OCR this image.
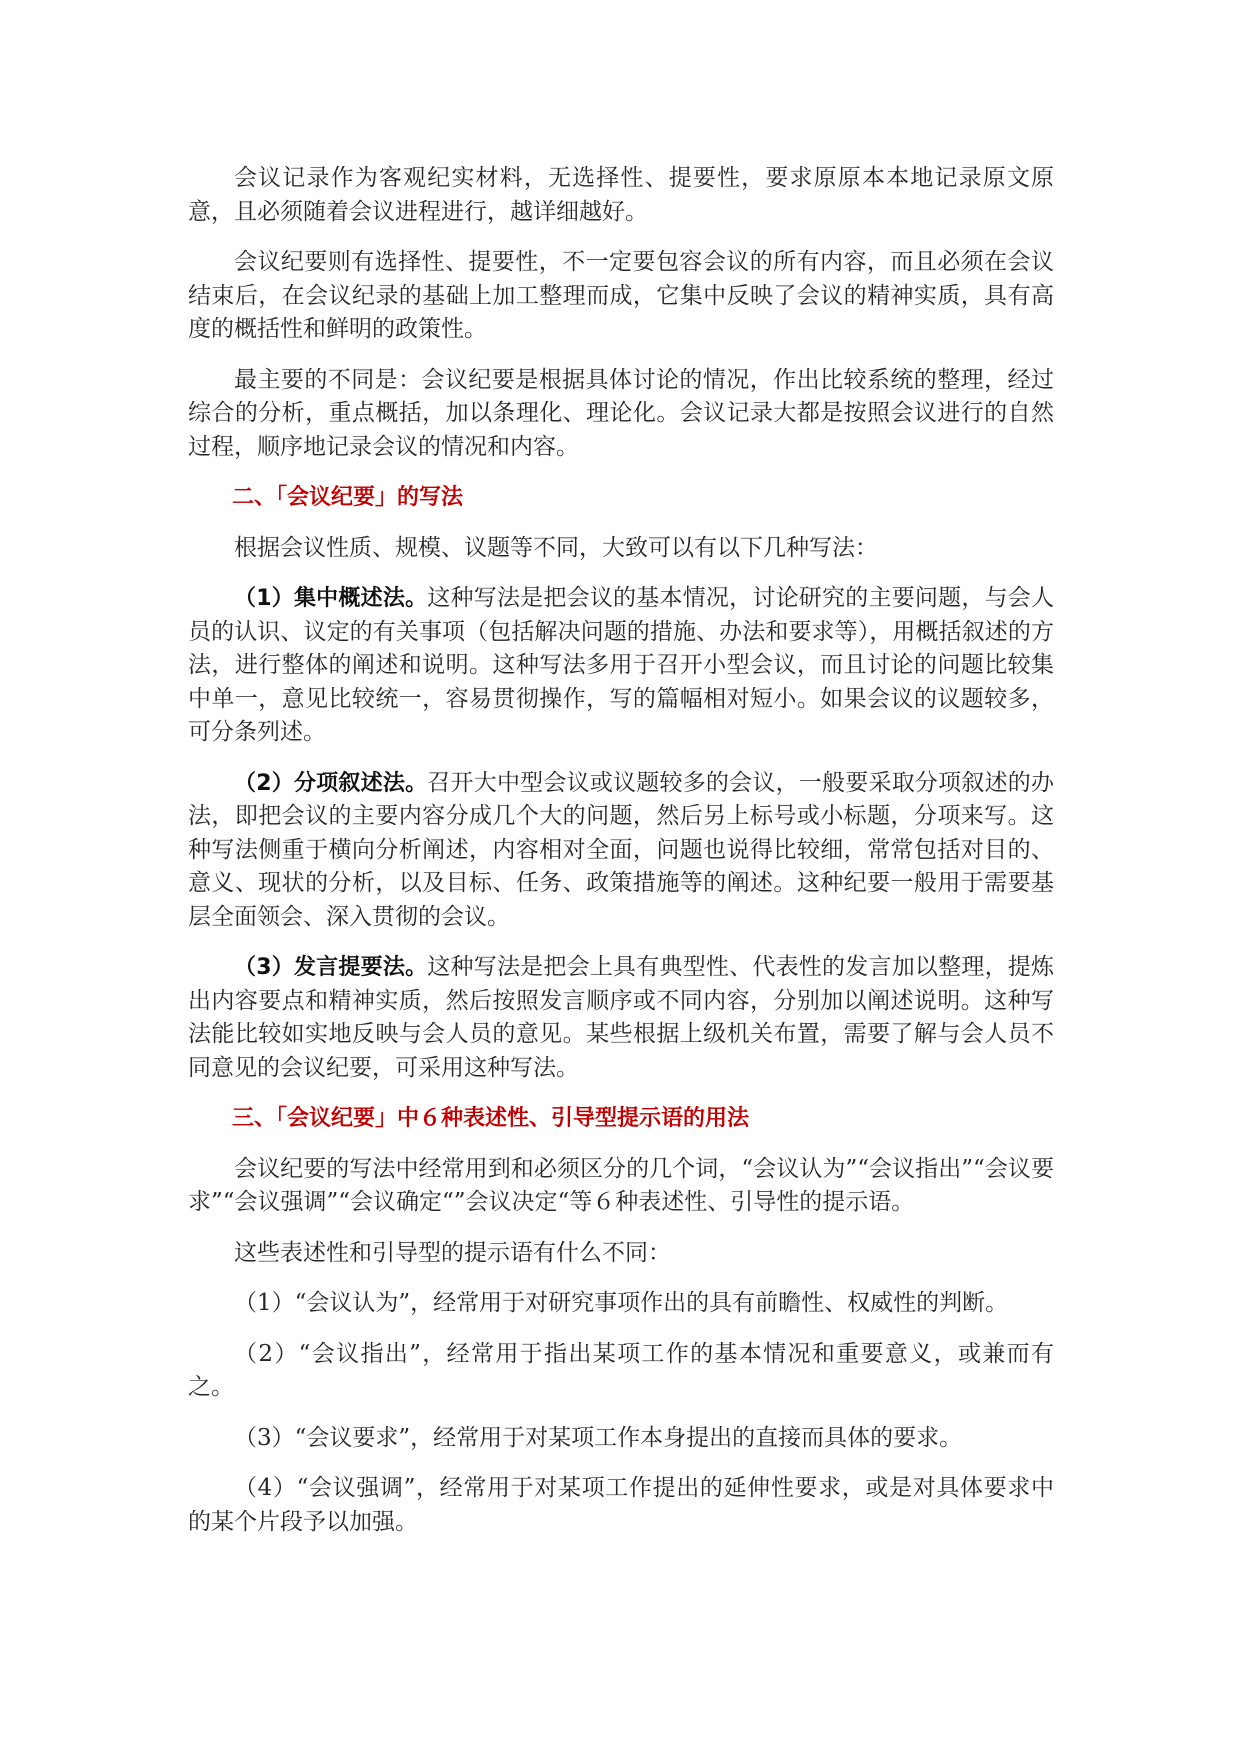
会议记录作为客观纪实材料，无选择性、提要性，要求原原本本地记录原文原意，且必须随着会议进程进行，越详细越好。

会议纪要则有选择性、提要性，不一定要包容会议的所有内容，而且必须在会议结束后，在会议纪录的基础上加工整理而成，它集中反映了会议的精神实质，具有高度的概括性和鲜明的政策性。

最主要的不同是：会议纪要是根据具体讨论的情况，作出比较系统的整理，经过综合的分析，重点概括，加以条理化、理论化。会议记录大都是按照会议进行的自然过程，顺序地记录会议的情况和内容。

二、「会议纪要」的写法

根据会议性质、规模、议题等不同，大致可以有以下几种写法：

（1）集中概述法。这种写法是把会议的基本情况，讨论研究的主要问题，与会人员的认识、议定的有关事项（包括解决问题的措施、办法和要求等），用概括叙述的方法，进行整体的阐述和说明。这种写法多用于召开小型会议，而且讨论的问题比较集中单一，意见比较统一，容易贯彻操作，写的篇幅相对短小。如果会议的议题较多，可分条列述。

（2）分项叙述法。召开大中型会议或议题较多的会议，一般要采取分项叙述的办法，即把会议的主要内容分成几个大的问题，然后另上标号或小标题，分项来写。这种写法侧重于横向分析阐述，内容相对全面，问题也说得比较细，常常包括对目的、意义、现状的分析，以及目标、任务、政策措施等的阐述。这种纪要一般用于需要基层全面领会、深入贯彻的会议。

（3）发言提要法。这种写法是把会上具有典型性、代表性的发言加以整理，提炼出内容要点和精神实质，然后按照发言顺序或不同内容，分别加以阐述说明。这种写法能比较如实地反映与会人员的意见。某些根据上级机关布置，需要了解与会人员不同意见的会议纪要，可采用这种写法。

三、「会议纪要」中６种表述性、引导型提示语的用法

会议纪要的写法中经常用到和必须区分的几个词，“会议认为”“会议指出”“会议要求”“会议强调”“会议确定“”会议决定“等６种表述性、引导性的提示语。

这些表述性和引导型的提示语有什么不同：

（1）“会议认为”，经常用于对研究事项作出的具有前瞻性、权威性的判断。

（2）“会议指出”，经常用于指出某项工作的基本情况和重要意义，或兼而有之。

（3）“会议要求”，经常用于对某项工作本身提出的直接而具体的要求。

（4）“会议强调”，经常用于对某项工作提出的延伸性要求，或是对具体要求中的某个片段予以加强。
